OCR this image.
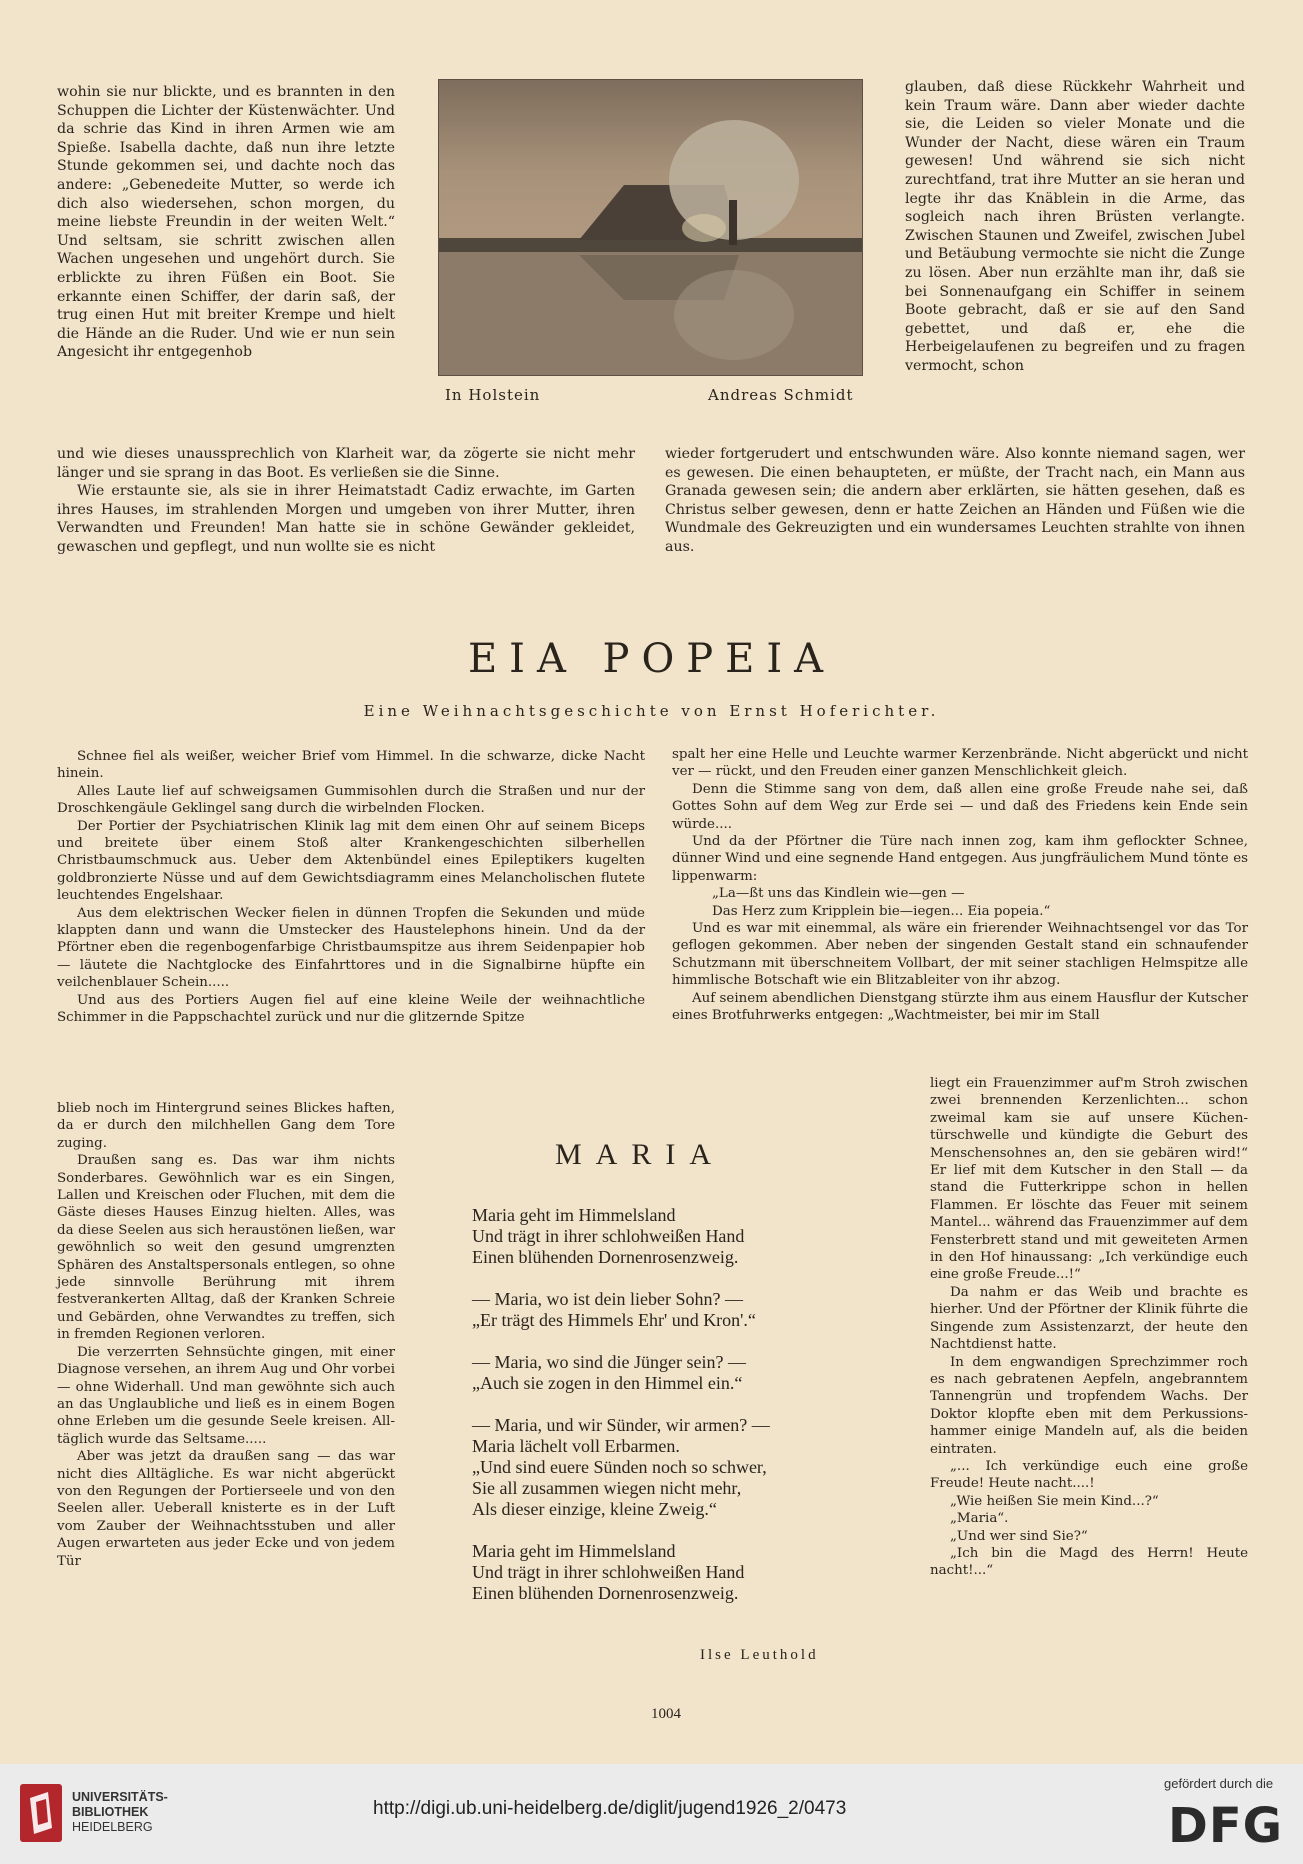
wohin sie nur blickte, und es brannten in den Schuppen die Lichter der Küstenwächter. Und da schrie das Kind in ihren Armen wie am Spieße. Isabella dachte, daß nun ihre letzte Stunde gekommen sei, und dachte noch das andere: „Gebenedeite Mutter, so werde ich dich also wiedersehen, schon morgen, du meine liebste Freundin in der weiten Welt.“ Und seltsam, sie schritt zwischen allen Wachen ungesehen und ungehört durch. Sie erblickte zu ihren Füßen ein Boot. Sie erkannte einen Schiffer, der darin saß, der trug einen Hut mit breiter Krempe und hielt die Hände an die Ruder. Und wie er nun sein Angesicht ihr entgegenhob

und wie dieses unaussprechlich von Klarheit war, da zögerte sie nicht mehr länger und sie sprang in das Boot. Es verließen sie die Sinne.

Wie erstaunte sie, als sie in ihrer Heimatstadt Cadiz erwachte, im Garten ihres Hauses, im strahlenden Morgen und umgeben von ihrer Mutter, ihren Verwandten und Freunden! Man hatte sie in schöne Gewänder gekleidet, gewaschen und gepflegt, und nun wollte sie es nicht

In Holstein	Andreas Schmidt

glauben, daß diese Rückkehr Wahrheit und kein Traum wäre. Dann aber wieder dachte sie, die Leiden so vieler Monate und die Wunder der Nacht, diese wären ein Traum gewesen! Und während sie sich nicht zurechtfand, trat ihre Mutter an sie heran und legte ihr das Knäblein in die Arme, das sogleich nach ihren Brüsten verlangte. Zwischen Staunen und Zweifel, zwischen Jubel und Betäubung vermochte sie nicht die Zunge zu lösen. Aber nun erzählte man ihr, daß sie bei Sonnenaufgang ein Schiffer in seinem Boote gebracht, daß er sie auf den Sand gebettet, und daß er, ehe die Herbeigelaufenen zu begreifen und zu fragen vermocht, schon

wieder fortgerudert und entschwunden wäre. Also konnte niemand sagen, wer es gewesen. Die einen behaupteten, er müßte, der Tracht nach, ein Mann aus Granada gewesen sein; die andern aber erklärten, sie hätten gesehen, daß es Christus selber gewesen, denn er hatte Zeichen an Händen und Füßen wie die Wundmale des Gekreuzigten und ein wundersames Leuchten strahlte von ihnen aus.

EIA POPEIA
Eine Weihnachtsgeschichte von Ernst Hoferichter.

Schnee fiel als weißer, weicher Brief vom Himmel. In die schwarze, dicke Nacht hinein.

Alles Laute lief auf schweigsamen Gummisohlen durch die Straßen und nur der Droschkengäule Geklingel sang durch die wirbelnden Flocken.

Der Portier der Psychiatrischen Klinik lag mit dem einen Ohr auf seinem Biceps und breitete über einem Stoß alter Krankengeschichten silberhellen Christbaumschmuck aus. Ueber dem Aktenbündel eines Epileptikers kugelten goldbronzierte Nüsse und auf dem Gewichtsdiagramm eines Melancholischen flutete leuchtendes Engelshaar.

Aus dem elektrischen Wecker fielen in dünnen Tropfen die Sekunden und müde klappten dann und wann die Umstecker des Haustelephons hinein. Und da der Pförtner eben die regenbogenfarbige Christbaumspitze aus ihrem Seidenpapier hob — läutete die Nachtglocke des Einfahrttores und in die Signalbirne hüpfte ein veilchenblauer Schein.....

Und aus des Portiers Augen fiel auf eine kleine Weile der weihnachtliche Schimmer in die Pappschachtel zurück und nur die glitzernde Spitze

blieb noch im Hintergrund seines Blickes haften, da er durch den milchhellen Gang dem Tore zuging.

Draußen sang es. Das war ihm nichts Sonderbares. Gewöhnlich war es ein Singen, Lallen und Kreischen oder Fluchen, mit dem die Gäste dieses Hauses Einzug hielten. Alles, was da diese Seelen aus sich heraustönen ließen, war gewöhnlich so weit den gesund umgrenzten Sphären des Anstaltspersonals entlegen, so ohne jede sinnvolle Berührung mit ihrem festverankerten Alltag, daß der Kranken Schreie und Gebärden, ohne Verwandtes zu treffen, sich in fremden Regionen verloren.

Die verzerrten Sehnsüchte gingen, mit einer Diagnose versehen, an ihrem Aug und Ohr vorbei — ohne Widerhall. Und man gewöhnte sich auch an das Unglaubliche und ließ es in einem Bogen ohne Erleben um die gesunde Seele kreisen. Alltäglich wurde das Seltsame.....

Aber was jetzt da draußen sang — das war nicht dies Alltägliche. Es war nicht abgerückt von den Regungen der Portierseele und von den Seelen aller. Ueberall knisterte es in der Luft vom Zauber der Weihnachtsstuben und aller Augen erwarteten aus jeder Ecke und von jedem Tür

spalt her eine Helle und Leuchte warmer Kerzenbrände. Nicht abgerückt und nicht ver — rückt, und den Freuden einer ganzen Menschlichkeit gleich.

Denn die Stimme sang von dem, daß allen eine große Freude nahe sei, daß Gottes Sohn auf dem Weg zur Erde sei — und daß des Friedens kein Ende sein würde....

Und da der Pförtner die Türe nach innen zog, kam ihm geflockter Schnee, dünner Wind und eine segnende Hand entgegen. Aus jungfräulichem Mund tönte es lippenwarm:

„La—ßt uns das Kindlein wie—gen —
Das Herz zum Kripplein bie—iegen... Eia popeia.“

Und es war mit einemmal, als wäre ein frierender Weihnachtsengel vor das Tor geflogen gekommen. Aber neben der singenden Gestalt stand ein schnaufender Schutzmann mit überschneitem Vollbart, der mit seiner stachligen Helmspitze alle himmlische Botschaft wie ein Blitzableiter von ihr abzog.

Auf seinem abendlichen Dienstgang stürzte ihm aus einem Hausflur der Kutscher eines Brotfuhrwerks entgegen: „Wachtmeister, bei mir im Stall

liegt ein Frauenzimmer auf'm Stroh zwischen zwei brennenden Kerzenlichten... schon zweimal kam sie auf unsere Küchentürschwelle und kündigte die Geburt des Menschensohnes an, den sie gebären wird!“ Er lief mit dem Kutscher in den Stall — da stand die Futterkrippe schon in hellen Flammen. Er löschte das Feuer mit seinem Mantel... während das Frauenzimmer auf dem Fensterbrett stand und mit geweiteten Armen in den Hof hinaussang: „Ich verkündige euch eine große Freude...!“

Da nahm er das Weib und brachte es hierher. Und der Pförtner der Klinik führte die Singende zum Assistenzarzt, der heute den Nachtdienst hatte.

In dem engwandigen Sprechzimmer roch es nach gebratenen Aepfeln, angebranntem Tannengrün und tropfendem Wachs. Der Doktor klopfte eben mit dem Perkussionshammer einige Mandeln auf, als die beiden eintraten.

„... Ich verkündige euch eine große Freude! Heute nacht....!

„Wie heißen Sie mein Kind...?“

„Maria“.

„Und wer sind Sie?“

„Ich bin die Magd des Herrn! Heute nacht!...“

MARIA
Maria geht im Himmelsland
Und trägt in ihrer schlohweißen Hand
Einen blühenden Dornenrosenzweig.
— Maria, wo ist dein lieber Sohn? —
„Er trägt des Himmels Ehr' und Kron'.“
— Maria, wo sind die Jünger sein? —
„Auch sie zogen in den Himmel ein.“
— Maria, und wir Sünder, wir armen? —
Maria lächelt voll Erbarmen.
„Und sind euere Sünden noch so schwer,
Sie all zusammen wiegen nicht mehr,
Als dieser einzige, kleine Zweig.“
Maria geht im Himmelsland
Und trägt in ihrer schlohweißen Hand
Einen blühenden Dornenrosenzweig.
Ilse Leuthold
1004
UNIVERSITÄTS-
BIBLIOTHEK
HEIDELBERG
http://digi.ub.uni-heidelberg.de/diglit/jugend1926_2/0473
gefördert durch die
DFG
